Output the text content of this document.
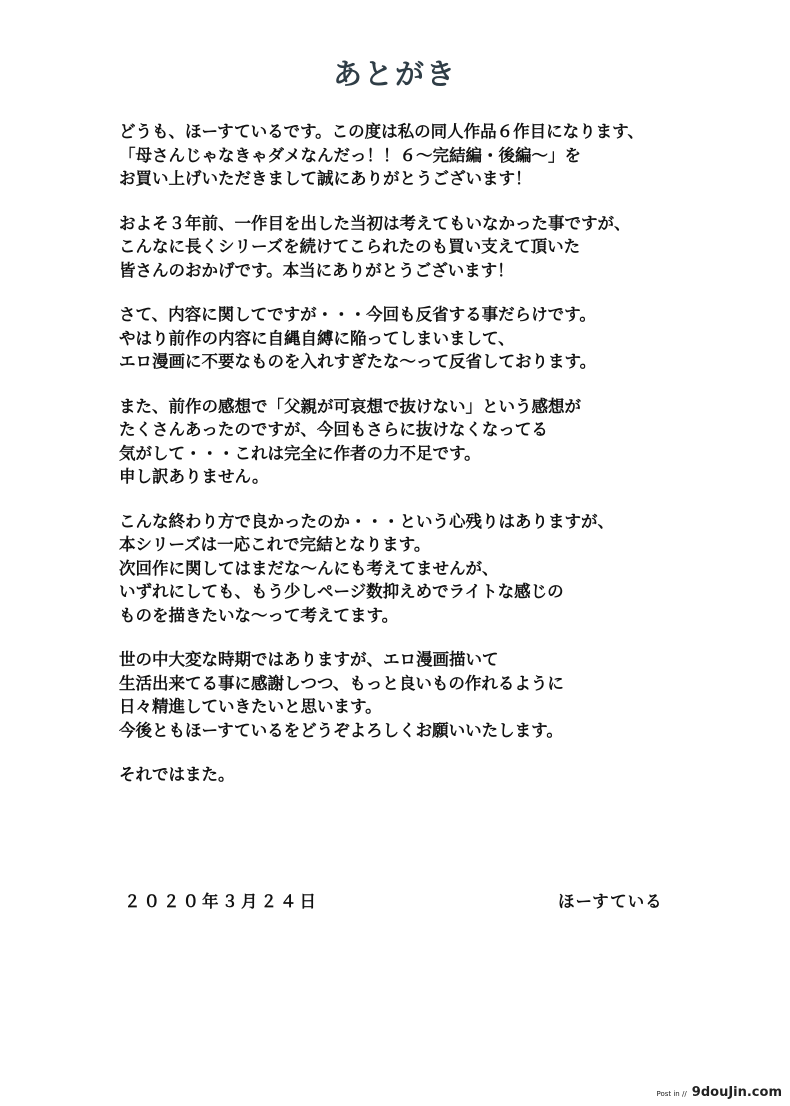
あとがき

どうも、ほーすているです。この度は私の同人作品６作目になります、
「母さんじゃなきゃダメなんだっ！！６〜完結編・後編〜」を
お買い上げいただきまして誠にありがとうございます！

およそ３年前、一作目を出した当初は考えてもいなかった事ですが、
こんなに長くシリーズを続けてこられたのも買い支えて頂いた
皆さんのおかげです。本当にありがとうございます！

さて、内容に関してですが・・・今回も反省する事だらけです。
やはり前作の内容に自縄自縛に陥ってしまいまして、
エロ漫画に不要なものを入れすぎたな〜って反省しております。

また、前作の感想で「父親が可哀想で抜けない」という感想が
たくさんあったのですが、今回もさらに抜けなくなってる
気がして・・・これは完全に作者の力不足です。
申し訳ありません。

こんな終わり方で良かったのか・・・という心残りはありますが、
本シリーズは一応これで完結となります。
次回作に関してはまだな〜んにも考えてませんが、
いずれにしても、もう少しページ数抑えめでライトな感じの
ものを描きたいな〜って考えてます。

世の中大変な時期ではありますが、エロ漫画描いて
生活出来てる事に感謝しつつ、もっと良いもの作れるように
日々精進していきたいと思います。
今後ともほーすているをどうぞよろしくお願いいたします。

それではまた。

２０２０年３月２４日	ほーすている
Post in // 9douJin.com
